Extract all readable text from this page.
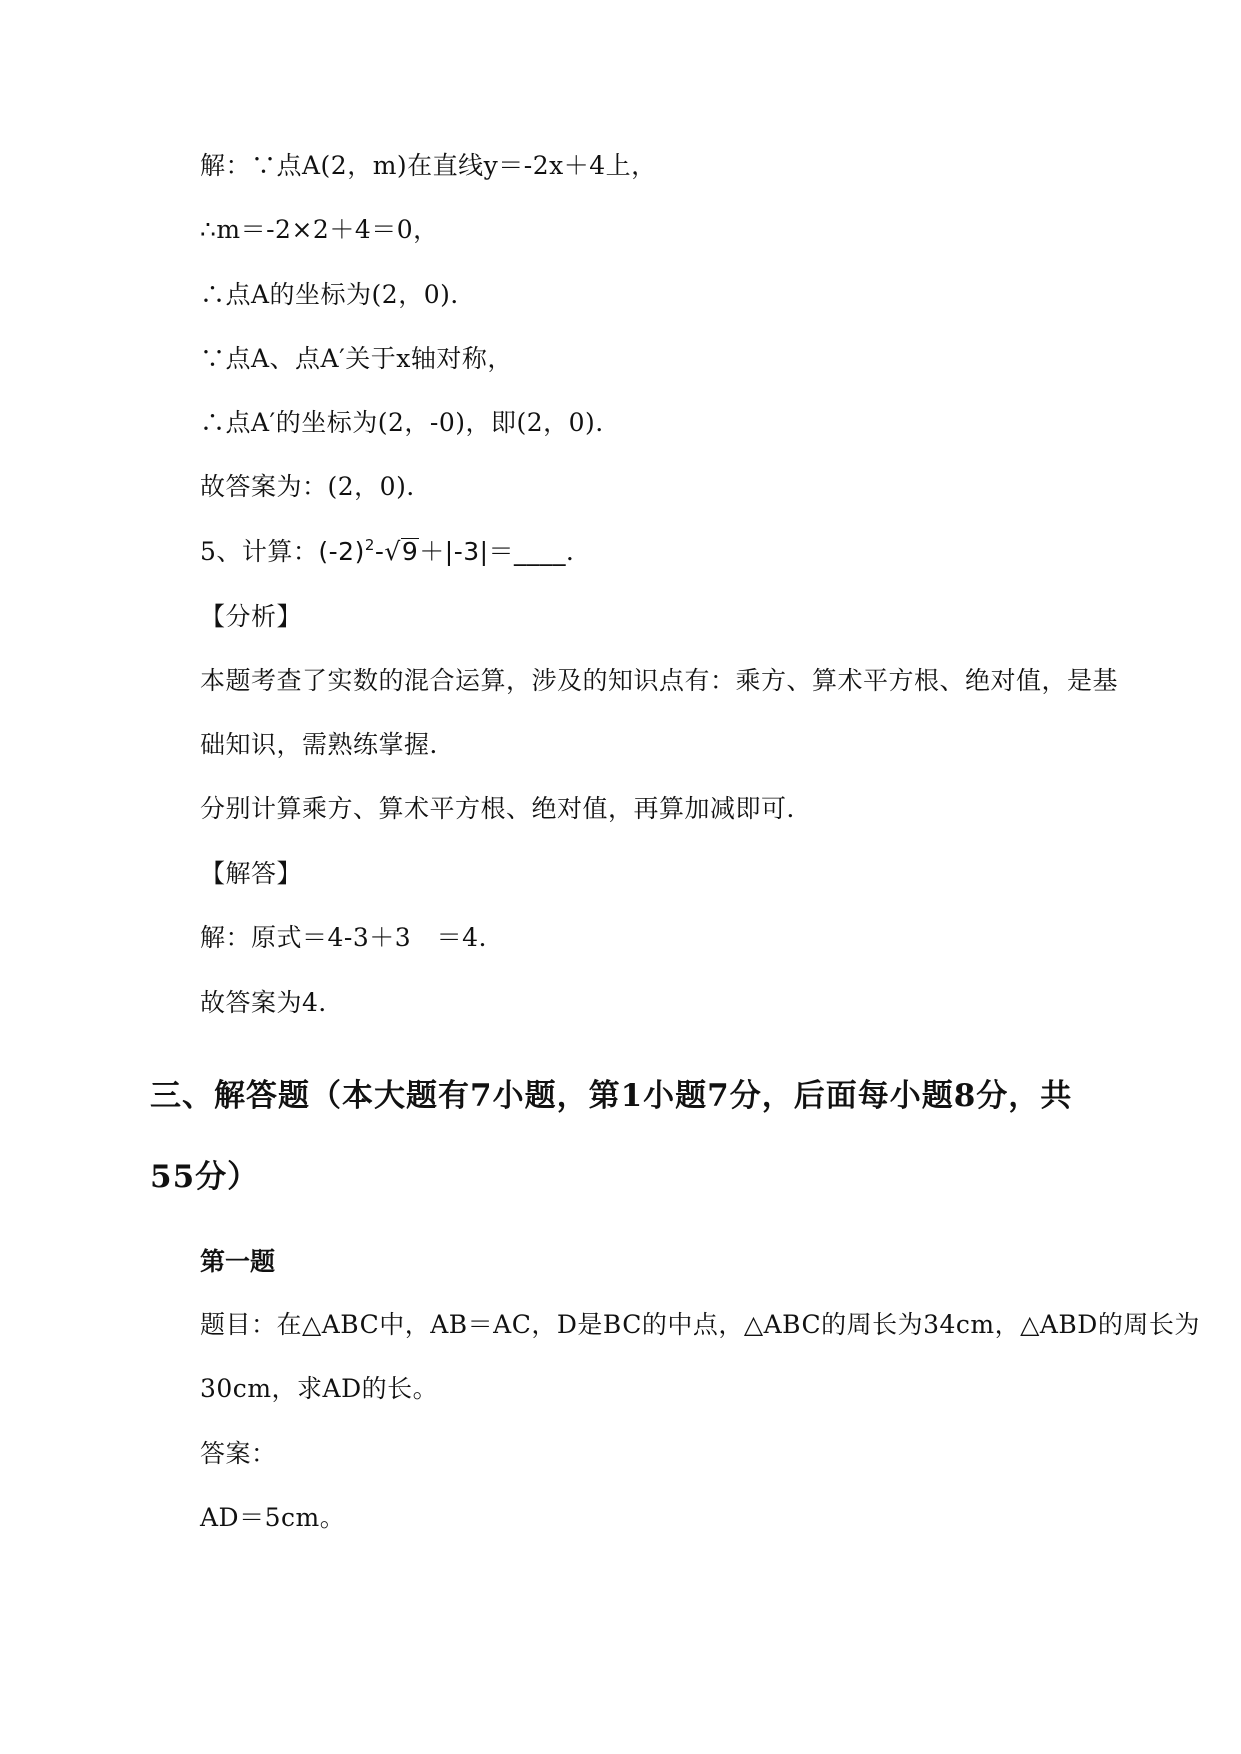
解：∵点A(2，m)在直线y＝-2x＋4上，
∴m＝-2×2＋4＝0，
∴点A的坐标为(2，0)．
∵点A、点A′关于x轴对称，
∴点A′的坐标为(2，-0)，即(2，0)．
故答案为：(2，0)．
5、计算：$(-2)^2-√9+|-3|=\_\_\_\_$．
【分析】
本题考查了实数的混合运算，涉及的知识点有：乘方、算术平方根、绝对值，是基
础知识，需熟练掌握．
分别计算乘方、算术平方根、绝对值，再算加减即可．
【解答】
解：原式＝4-3＋3　＝4．
故答案为4．
三、解答题（本大题有7小题，第1小题7分，后面每小题8分，共
55分）
第一题
题目：在△ABC中，AB＝AC，D是BC的中点，△ABC的周长为34cm，△ABD的周长为
30cm，求AD的长。
答案：
AD＝5cm。
